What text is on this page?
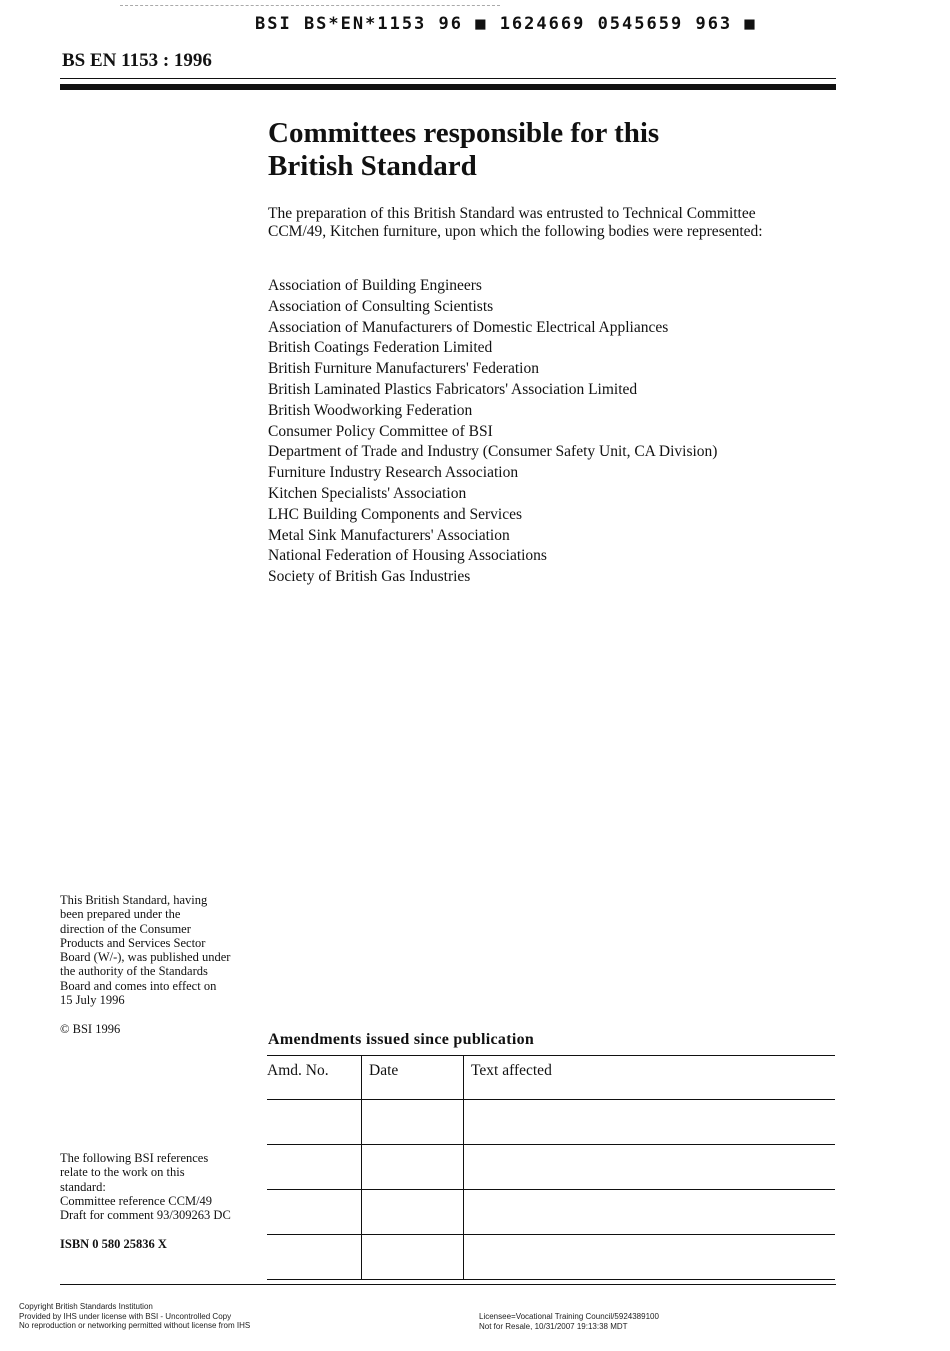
BSI BS*EN*1153 96 ■ 1624669 0545659 963 ■
BS EN 1153 : 1996
Committees responsible for this
British Standard

The preparation of this British Standard was entrusted to Technical Committee
CCM/49, Kitchen furniture, upon which the following bodies were represented:

Association of Building Engineers
Association of Consulting Scientists
Association of Manufacturers of Domestic Electrical Appliances
British Coatings Federation Limited
British Furniture Manufacturers' Federation
British Laminated Plastics Fabricators' Association Limited
British Woodworking Federation
Consumer Policy Committee of BSI
Department of Trade and Industry (Consumer Safety Unit, CA Division)
Furniture Industry Research Association
Kitchen Specialists' Association
LHC Building Components and Services
Metal Sink Manufacturers' Association
National Federation of Housing Associations
Society of British Gas Industries
This British Standard, having
been prepared under the
direction of the Consumer
Products and Services Sector
Board (W/-), was published under
the authority of the Standards
Board and comes into effect on
15 July 1996
© BSI 1996
The following BSI references
relate to the work on this
standard:
Committee reference CCM/49
Draft for comment 93/309263 DC
ISBN 0 580 25836 X
Amendments issued since publication
Amd. No.	Date	Text affected

Copyright British Standards Institution
Provided by IHS under license with BSI - Uncontrolled Copy
No reproduction or networking permitted without license from IHS
Licensee=Vocational Training Council/5924389100
Not for Resale, 10/31/2007 19:13:38 MDT
